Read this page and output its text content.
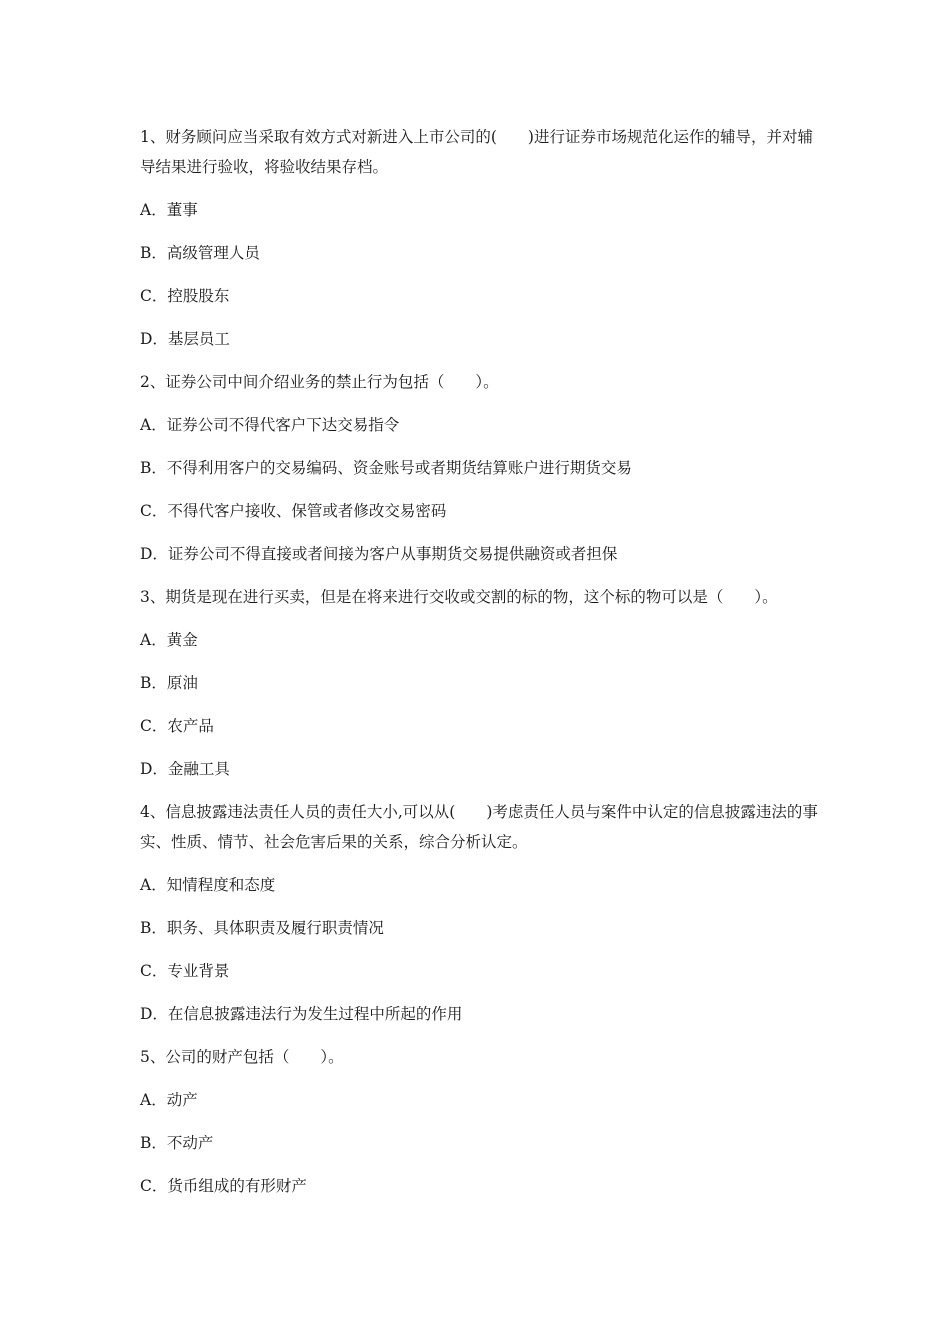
1、财务顾问应当采取有效方式对新进入上市公司的(　　)进行证券市场规范化运作的辅导，并对辅导结果进行验收，将验收结果存档。

A．董事

B．高级管理人员

C．控股股东

D．基层员工

2、证券公司中间介绍业务的禁止行为包括（　　）。

A．证券公司不得代客户下达交易指令

B．不得利用客户的交易编码、资金账号或者期货结算账户进行期货交易

C．不得代客户接收、保管或者修改交易密码

D．证券公司不得直接或者间接为客户从事期货交易提供融资或者担保

3、期货是现在进行买卖，但是在将来进行交收或交割的标的物，这个标的物可以是（　　）。

A．黄金

B．原油

C．农产品

D．金融工具

4、信息披露违法责任人员的责任大小,可以从(　　)考虑责任人员与案件中认定的信息披露违法的事实、性质、情节、社会危害后果的关系，综合分析认定。

A．知情程度和态度

B．职务、具体职责及履行职责情况

C．专业背景

D．在信息披露违法行为发生过程中所起的作用

5、公司的财产包括（　　）。

A．动产

B．不动产

C．货币组成的有形财产
